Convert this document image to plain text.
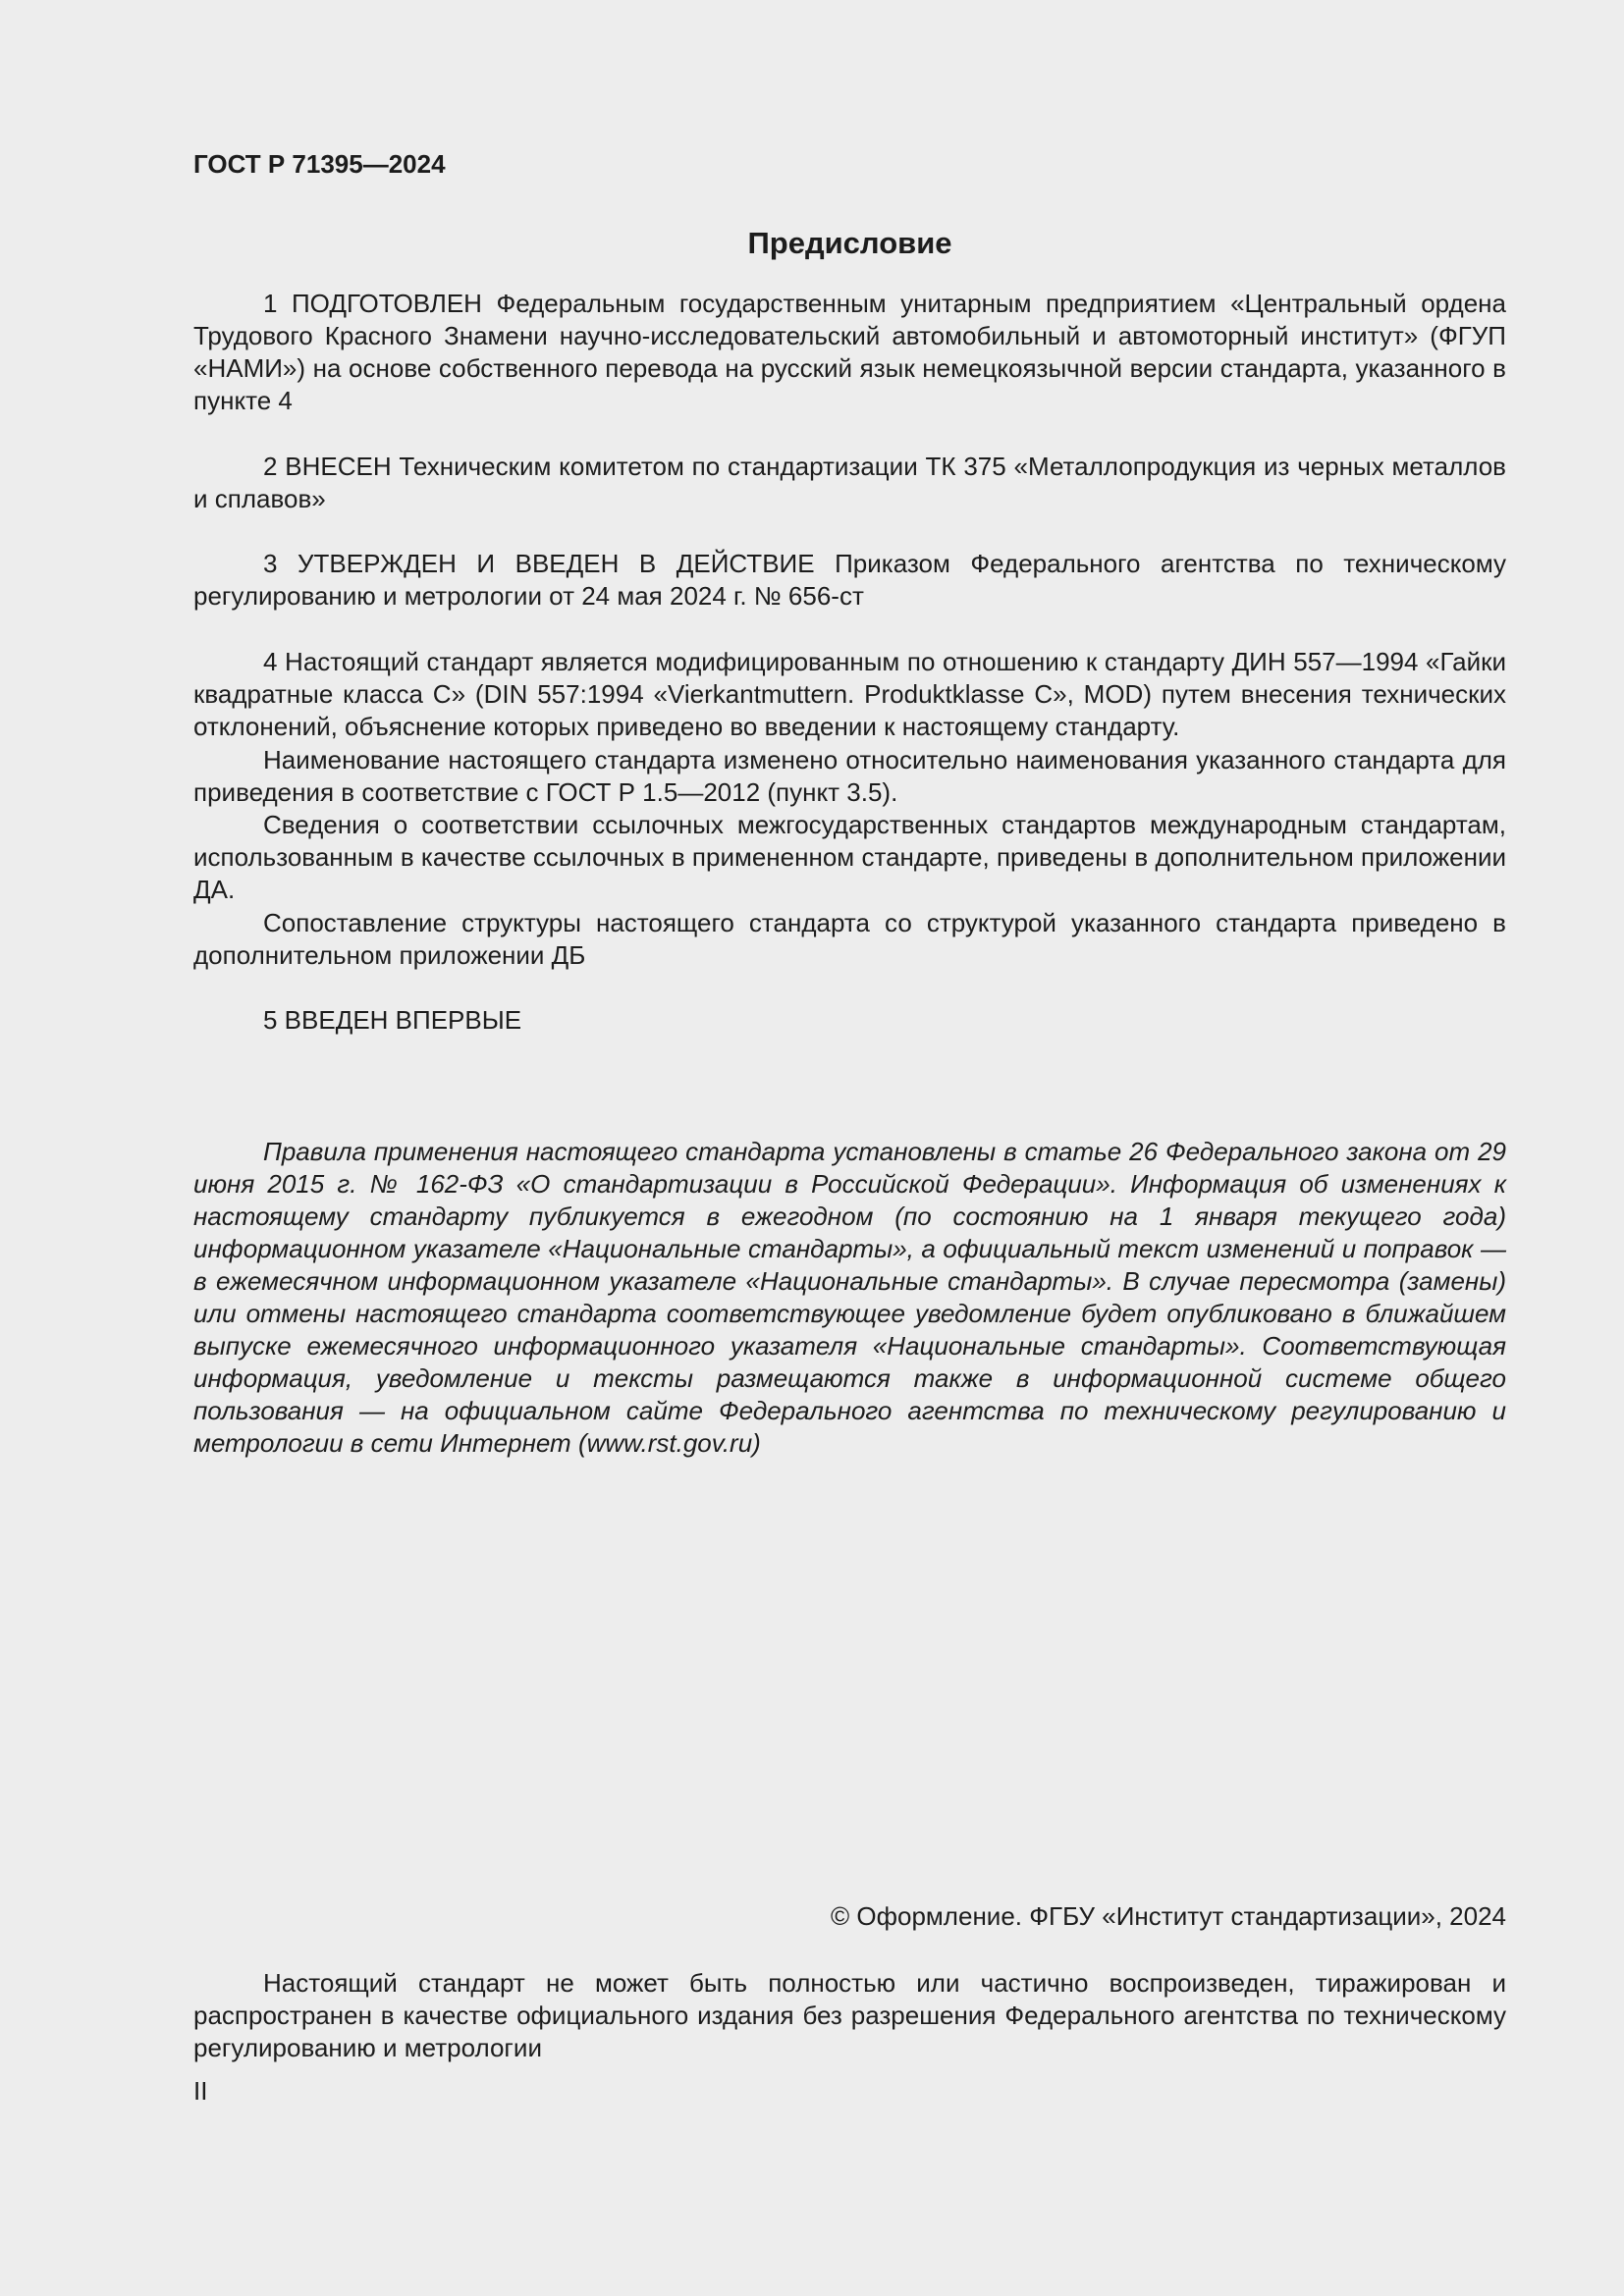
ГОСТ Р 71395—2024
Предисловие

1 ПОДГОТОВЛЕН Федеральным государственным унитарным предприятием «Центральный ордена Трудового Красного Знамени научно-исследовательский автомобильный и автомоторный институт» (ФГУП «НАМИ») на основе собственного перевода на русский язык немецкоязычной версии стандарта, указанного в пункте 4

2 ВНЕСЕН Техническим комитетом по стандартизации ТК 375 «Металлопродукция из черных металлов и сплавов»

3 УТВЕРЖДЕН И ВВЕДЕН В ДЕЙСТВИЕ Приказом Федерального агентства по техническому регулированию и метрологии от 24 мая 2024 г. № 656-ст

4 Настоящий стандарт является модифицированным по отношению к стандарту ДИН 557—1994 «Гайки квадратные класса С» (DIN 557:1994 «Vierkantmuttern. Produktklasse С», MOD) путем внесения технических отклонений, объяснение которых приведено во введении к настоящему стандарту.

Наименование настоящего стандарта изменено относительно наименования указанного стандарта для приведения в соответствие с ГОСТ Р 1.5—2012 (пункт 3.5).

Сведения о соответствии ссылочных межгосударственных стандартов международным стандартам, использованным в качестве ссылочных в примененном стандарте, приведены в дополнительном приложении ДА.

Сопоставление структуры настоящего стандарта со структурой указанного стандарта приведено в дополнительном приложении ДБ

5 ВВЕДЕН ВПЕРВЫЕ

Правила применения настоящего стандарта установлены в статье 26 Федерального закона от 29 июня 2015 г. № 162-ФЗ «О стандартизации в Российской Федерации». Информация об изменениях к настоящему стандарту публикуется в ежегодном (по состоянию на 1 января текущего года) информационном указателе «Национальные стандарты», а официальный текст изменений и поправок — в ежемесячном информационном указателе «Национальные стандарты». В случае пересмотра (замены) или отмены настоящего стандарта соответствующее уведомление будет опубликовано в ближайшем выпуске ежемесячного информационного указателя «Национальные стандарты». Соответствующая информация, уведомление и тексты размещаются также в информационной системе общего пользования — на официальном сайте Федерального агентства по техническому регулированию и метрологии в сети Интернет (www.rst.gov.ru)

© Оформление. ФГБУ «Институт стандартизации», 2024

Настоящий стандарт не может быть полностью или частично воспроизведен, тиражирован и распространен в качестве официального издания без разрешения Федерального агентства по техническому регулированию и метрологии

II
